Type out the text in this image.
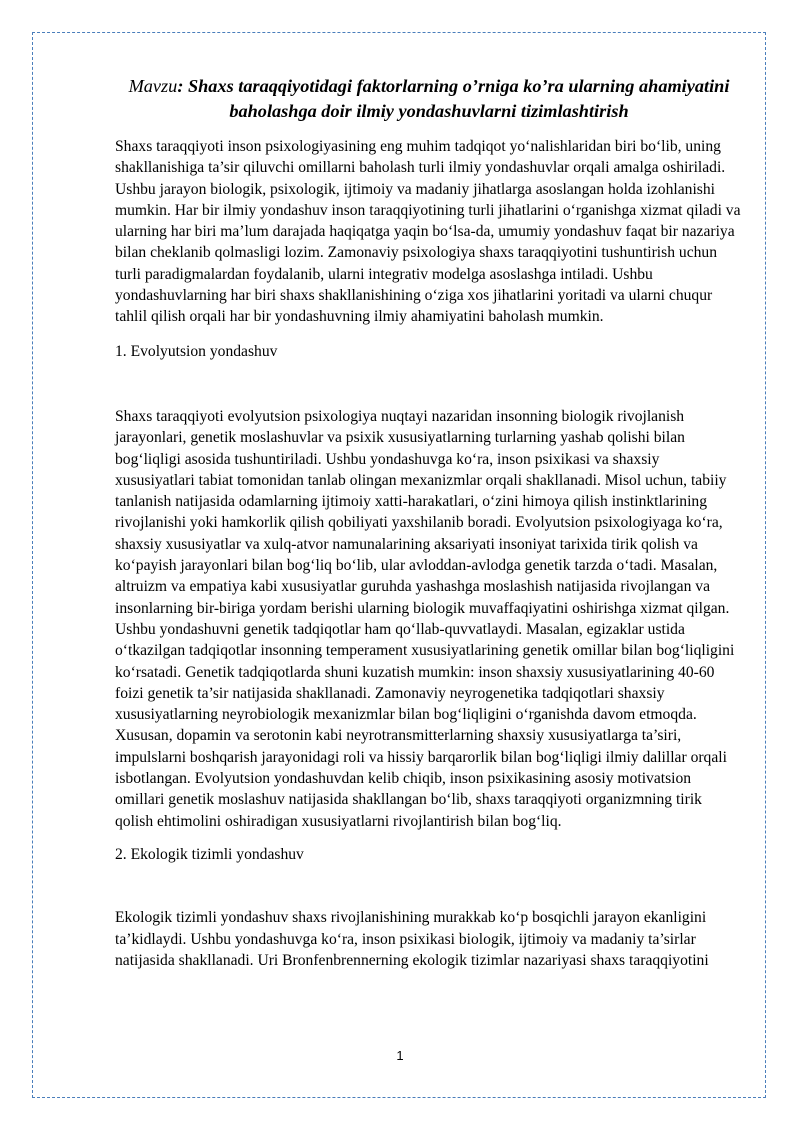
Mavzu: Shaxs taraqqiyotidagi faktorlarning o’rniga ko’ra ularning ahamiyatini baholashga doir ilmiy yondashuvlarni tizimlashtirish

Shaxs taraqqiyoti inson psixologiyasining eng muhim tadqiqot yo‘nalishlaridan biri bo‘lib, uning shakllanishiga ta’sir qiluvchi omillarni baholash turli ilmiy yondashuvlar orqali amalga oshiriladi. Ushbu jarayon biologik, psixologik, ijtimoiy va madaniy jihatlarga asoslangan holda izohlanishi mumkin. Har bir ilmiy yondashuv inson taraqqiyotining turli jihatlarini o‘rganishga xizmat qiladi va ularning har biri ma’lum darajada haqiqatga yaqin bo‘lsa-da, umumiy yondashuv faqat bir nazariya bilan cheklanib qolmasligi lozim. Zamonaviy psixologiya shaxs taraqqiyotini tushuntirish uchun turli paradigmalardan foydalanib, ularni integrativ modelga asoslashga intiladi. Ushbu yondashuvlarning har biri shaxs shakllanishining o‘ziga xos jihatlarini yoritadi va ularni chuqur tahlil qilish orqali har bir yondashuvning ilmiy ahamiyatini baholash mumkin.

1. Evolyutsion yondashuv

Shaxs taraqqiyoti evolyutsion psixologiya nuqtayi nazaridan insonning biologik rivojlanish jarayonlari, genetik moslashuvlar va psixik xususiyatlarning turlarning yashab qolishi bilan bog‘liqligi asosida tushuntiriladi. Ushbu yondashuvga ko‘ra, inson psixikasi va shaxsiy xususiyatlari tabiat tomonidan tanlab olingan mexanizmlar orqali shakllanadi. Misol uchun, tabiiy tanlanish natijasida odamlarning ijtimoiy xatti-harakatlari, o‘zini himoya qilish instinktlarining rivojlanishi yoki hamkorlik qilish qobiliyati yaxshilanib boradi. Evolyutsion psixologiyaga ko‘ra, shaxsiy xususiyatlar va xulq-atvor namunalarining aksariyati insoniyat tarixida tirik qolish va ko‘payish jarayonlari bilan bog‘liq bo‘lib, ular avloddan-avlodga genetik tarzda o‘tadi. Masalan, altruizm va empatiya kabi xususiyatlar guruhda yashashga moslashish natijasida rivojlangan va insonlarning bir-biriga yordam berishi ularning biologik muvaffaqiyatini oshirishga xizmat qilgan. Ushbu yondashuvni genetik tadqiqotlar ham qo‘llab-quvvatlaydi. Masalan, egizaklar ustida o‘tkazilgan tadqiqotlar insonning temperament xususiyatlarining genetik omillar bilan bog‘liqligini ko‘rsatadi. Genetik tadqiqotlarda shuni kuzatish mumkin: inson shaxsiy xususiyatlarining 40-60 foizi genetik ta’sir natijasida shakllanadi. Zamonaviy neyrogenetika tadqiqotlari shaxsiy xususiyatlarning neyrobiologik mexanizmlar bilan bog‘liqligini o‘rganishda davom etmoqda. Xususan, dopamin va serotonin kabi neyrotransmitterlarning shaxsiy xususiyatlarga ta’siri, impulslarni boshqarish jarayonidagi roli va hissiy barqarorlik bilan bog‘liqligi ilmiy dalillar orqali isbotlangan. Evolyutsion yondashuvdan kelib chiqib, inson psixikasining asosiy motivatsion omillari genetik moslashuv natijasida shakllangan bo‘lib, shaxs taraqqiyoti organizmning tirik qolish ehtimolini oshiradigan xususiyatlarni rivojlantirish bilan bog‘liq.

2. Ekologik tizimli yondashuv

Ekologik tizimli yondashuv shaxs rivojlanishining murakkab ko‘p bosqichli jarayon ekanligini ta’kidlaydi. Ushbu yondashuvga ko‘ra, inson psixikasi biologik, ijtimoiy va madaniy ta’sirlar natijasida shakllanadi. Uri Bronfenbrennerning ekologik tizimlar nazariyasi shaxs taraqqiyotini

1
